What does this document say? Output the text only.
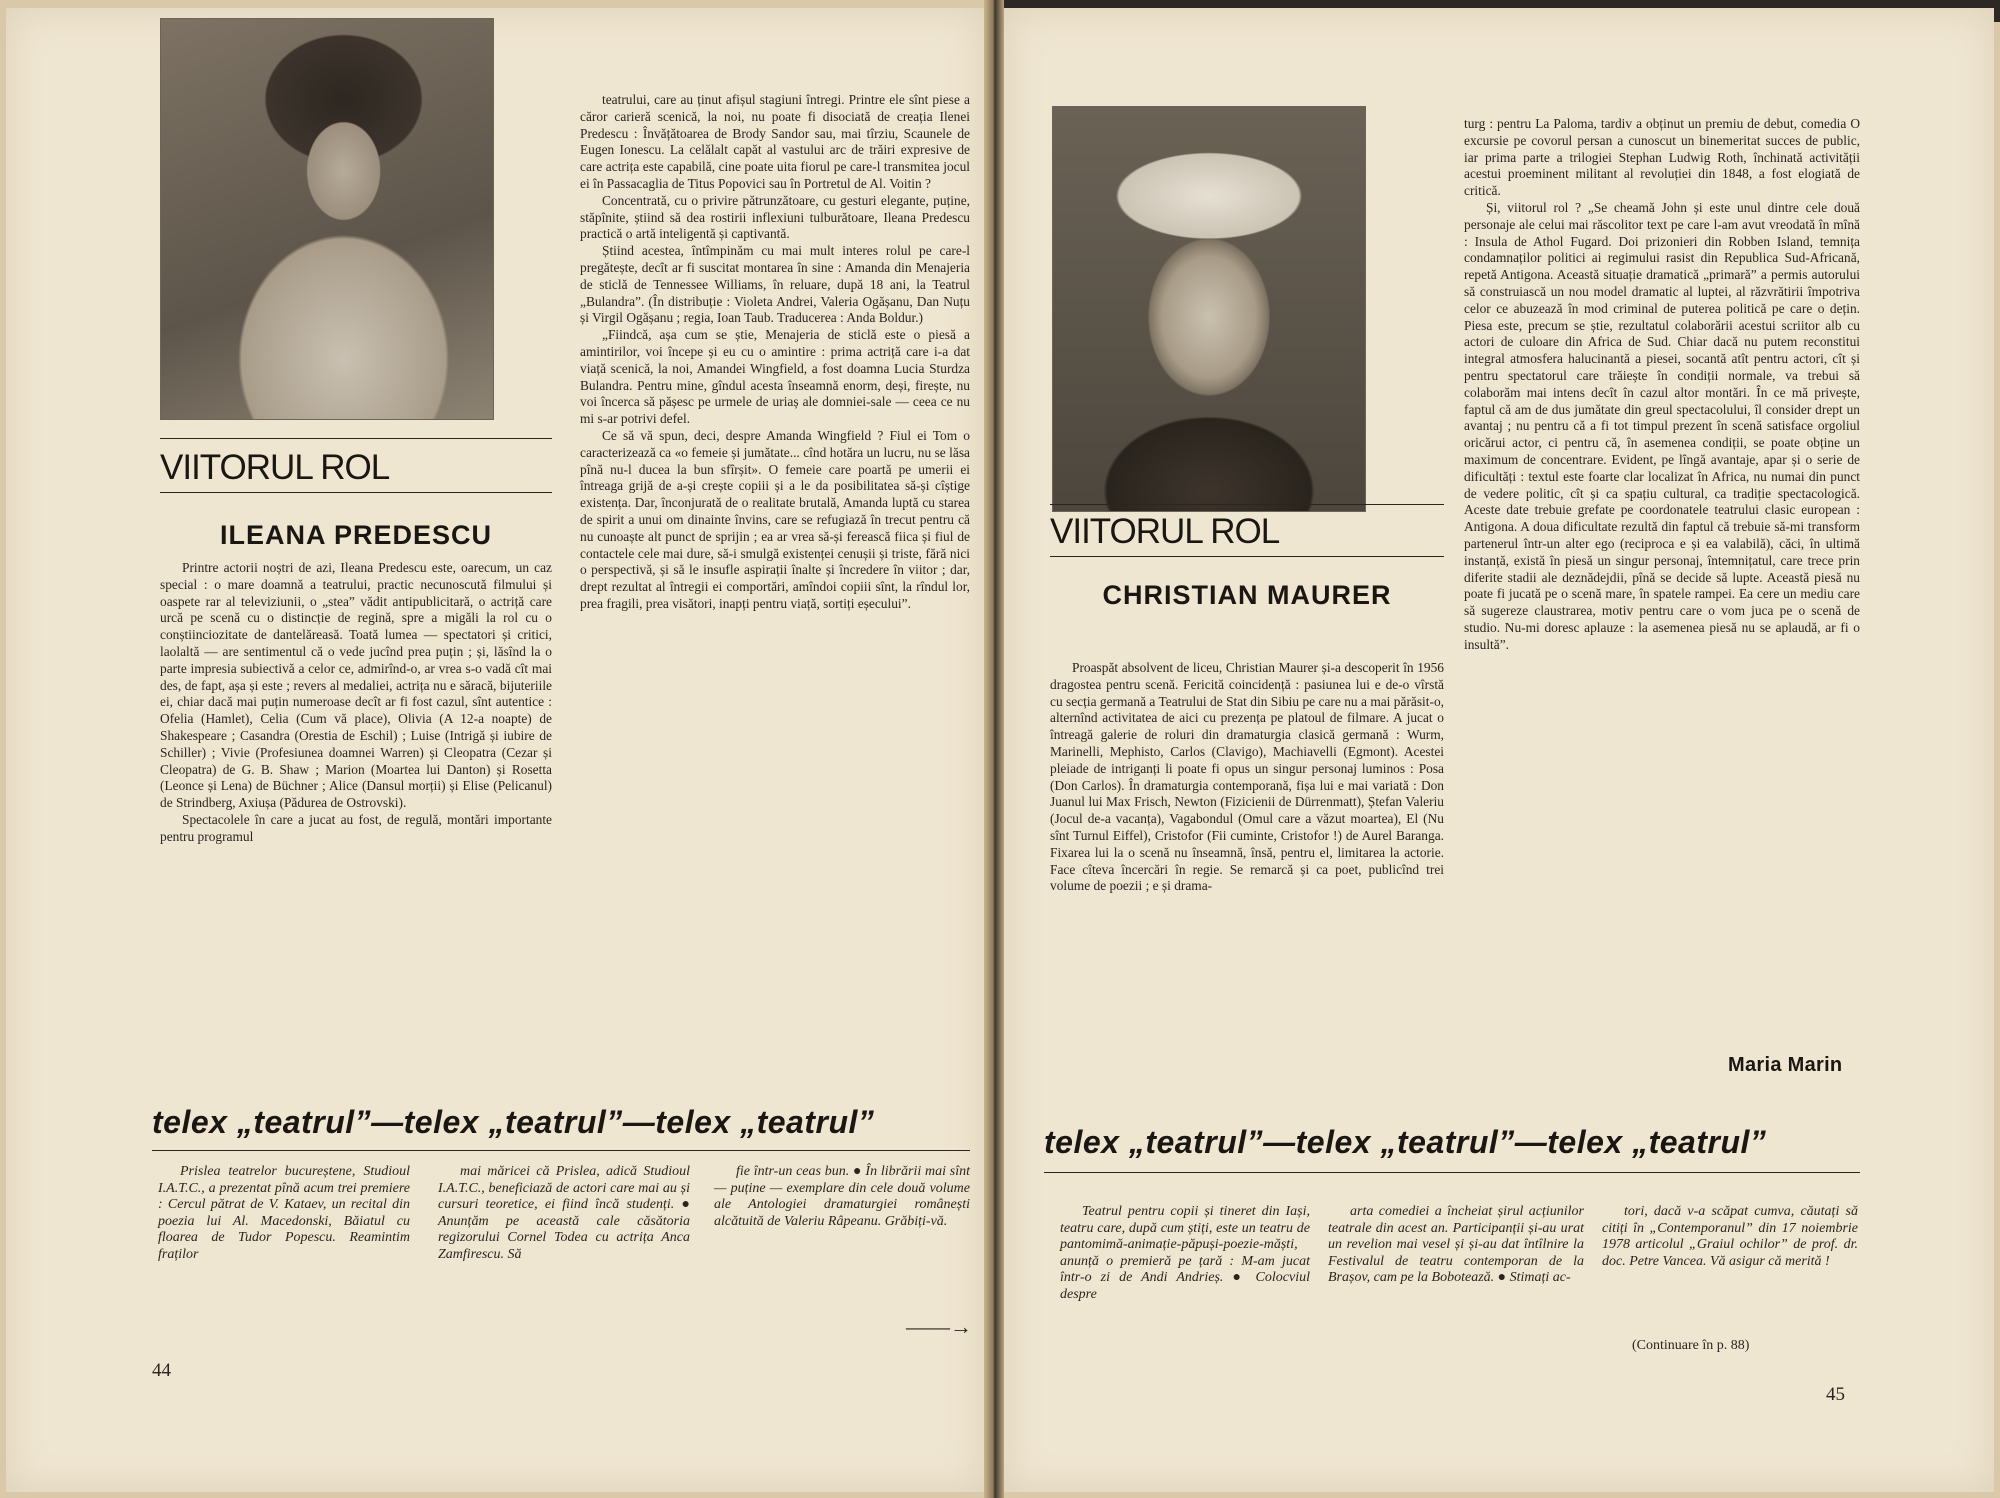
VIITORUL ROL
ILEANA PREDESCU

Printre actorii noștri de azi, Ileana Predescu este, oarecum, un caz special : o mare doamnă a teatrului, practic necunoscută filmului și oaspete rar al televiziunii, o „stea” vădit antipublicitară, o actriță care urcă pe scenă cu o distincție de regină, spre a migăli la rol cu o conștiinciozitate de dantelăreasă. Toată lumea — spectatori și critici, laolaltă — are sentimentul că o vede jucînd prea puțin ; și, lăsînd la o parte impresia subiectivă a celor ce, admirînd-o, ar vrea s-o vadă cît mai des, de fapt, așa și este ; revers al medaliei, actrița nu e săracă, bijuteriile ei, chiar dacă mai puțin numeroase decît ar fi fost cazul, sînt autentice : Ofelia (Hamlet), Celia (Cum vă place), Olivia (A 12-a noapte) de Shakespeare ; Casandra (Orestia de Eschil) ; Luise (Intrigă și iubire de Schiller) ; Vivie (Profesiunea doamnei Warren) și Cleopatra (Cezar și Cleopatra) de G. B. Shaw ; Marion (Moartea lui Danton) și Rosetta (Leonce și Lena) de Büchner ; Alice (Dansul morții) și Elise (Pelicanul) de Strindberg, Axiușa (Pădurea de Ostrovski).

Spectacolele în care a jucat au fost, de regulă, montări importante pentru programul

teatrului, care au ținut afișul stagiuni întregi. Printre ele sînt piese a căror carieră scenică, la noi, nu poate fi disociată de creația Ilenei Predescu : Învățătoarea de Brody Sandor sau, mai tîrziu, Scaunele de Eugen Ionescu. La celălalt capăt al vastului arc de trăiri expresive de care actrița este capabilă, cine poate uita fiorul pe care-l transmitea jocul ei în Passacaglia de Titus Popovici sau în Portretul de Al. Voitin ?

Concentrată, cu o privire pătrunzătoare, cu gesturi elegante, puține, stăpînite, știind să dea rostirii inflexiuni tulburătoare, Ileana Predescu practică o artă inteligentă și captivantă.

Știind acestea, întîmpinăm cu mai mult interes rolul pe care-l pregătește, decît ar fi suscitat montarea în sine : Amanda din Menajeria de sticlă de Tennessee Williams, în reluare, după 18 ani, la Teatrul „Bulandra”. (În distribuție : Violeta Andrei, Valeria Ogășanu, Dan Nuțu și Virgil Ogășanu ; regia, Ioan Taub. Traducerea : Anda Boldur.)

„Fiindcă, așa cum se știe, Menajeria de sticlă este o piesă a amintirilor, voi începe și eu cu o amintire : prima actriță care i-a dat viață scenică, la noi, Amandei Wingfield, a fost doamna Lucia Sturdza Bulandra. Pentru mine, gîndul acesta înseamnă enorm, deși, firește, nu voi încerca să pășesc pe urmele de uriaș ale domniei-sale — ceea ce nu mi s-ar potrivi defel.

Ce să vă spun, deci, despre Amanda Wingfield ? Fiul ei Tom o caracterizează ca «o femeie și jumătate... cînd hotăra un lucru, nu se lăsa pînă nu-l ducea la bun sfîrșit». O femeie care poartă pe umerii ei întreaga grijă de a-și crește copiii și a le da posibilitatea să-și cîștige existența. Dar, înconjurată de o realitate brutală, Amanda luptă cu starea de spirit a unui om dinainte învins, care se refugiază în trecut pentru că nu cunoaște alt punct de sprijin ; ea ar vrea să-și ferească fiica și fiul de contactele cele mai dure, să-i smulgă existenței cenușii și triste, fără nici o perspectivă, și să le insufle aspirații înalte și încredere în viitor ; dar, drept rezultat al întregii ei comportări, amîndoi copiii sînt, la rîndul lor, prea fragili, prea visători, inapți pentru viață, sortiți eșecului”.

telex „teatrul”—telex „teatrul”—telex „teatrul”

Prislea teatrelor bucureștene, Studioul I.A.T.C., a prezentat pînă acum trei premiere : Cercul pătrat de V. Kataev, un recital din poezia lui Al. Macedonski, Băiatul cu floarea de Tudor Popescu. Reamintim fraților

mai măricei că Prislea, adică Studioul I.A.T.C., beneficiază de actori care mai au și cursuri teoretice, ei fiind încă studenți. ● Anunțăm pe această cale căsătoria regizorului Cornel Todea cu actrița Anca Zamfirescu. Să

fie într-un ceas bun. ● În librării mai sînt — puține — exemplare din cele două volume ale Antologiei dramaturgiei românești alcătuită de Valeriu Râpeanu. Grăbiți-vă.

——→
44
VIITORUL ROL
CHRISTIAN MAURER

Proaspăt absolvent de liceu, Christian Maurer și-a descoperit în 1956 dragostea pentru scenă. Fericită coincidență : pasiunea lui e de-o vîrstă cu secția germană a Teatrului de Stat din Sibiu pe care nu a mai părăsit-o, alternînd activitatea de aici cu prezența pe platoul de filmare. A jucat o întreagă galerie de roluri din dramaturgia clasică germană : Wurm, Marinelli, Mephisto, Carlos (Clavigo), Machiavelli (Egmont). Acestei pleiade de intriganți li poate fi opus un singur personaj luminos : Posa (Don Carlos). În dramaturgia contemporană, fișa lui e mai variată : Don Juanul lui Max Frisch, Newton (Fizicienii de Dürrenmatt), Ștefan Valeriu (Jocul de-a vacanța), Vagabondul (Omul care a văzut moartea), El (Nu sînt Turnul Eiffel), Cristofor (Fii cuminte, Cristofor !) de Aurel Baranga. Fixarea lui la o scenă nu înseamnă, însă, pentru el, limitarea la actorie. Face cîteva încercări în regie. Se remarcă și ca poet, publicînd trei volume de poezii ; e și drama-

turg : pentru La Paloma, tardiv a obținut un premiu de debut, comedia O excursie pe covorul persan a cunoscut un binemeritat succes de public, iar prima parte a trilogiei Stephan Ludwig Roth, închinată activității acestui proeminent militant al revoluției din 1848, a fost elogiată de critică.

Și, viitorul rol ? „Se cheamă John și este unul dintre cele două personaje ale celui mai răscolitor text pe care l-am avut vreodată în mînă : Insula de Athol Fugard. Doi prizonieri din Robben Island, temnița condamnaților politici ai regimului rasist din Republica Sud-Africană, repetă Antigona. Această situație dramatică „primară” a permis autorului să construiască un nou model dramatic al luptei, al răzvrătirii împotriva celor ce abuzează în mod criminal de puterea politică pe care o dețin. Piesa este, precum se știe, rezultatul colaborării acestui scriitor alb cu actori de culoare din Africa de Sud. Chiar dacă nu putem reconstitui integral atmosfera halucinantă a piesei, socantă atît pentru actori, cît și pentru spectatorul care trăiește în condiții normale, va trebui să colaborăm mai intens decît în cazul altor montări. În ce mă privește, faptul că am de dus jumătate din greul spectacolului, îl consider drept un avantaj ; nu pentru că a fi tot timpul prezent în scenă satisface orgoliul oricărui actor, ci pentru că, în asemenea condiții, se poate obține un maximum de concentrare. Evident, pe lîngă avantaje, apar și o serie de dificultăți : textul este foarte clar localizat în Africa, nu numai din punct de vedere politic, cît și ca spațiu cultural, ca tradiție spectacologică. Aceste date trebuie grefate pe coordonatele teatrului clasic european : Antigona. A doua dificultate rezultă din faptul că trebuie să-mi transform partenerul într-un alter ego (reciproca e și ea valabilă), căci, în ultimă instanță, există în piesă un singur personaj, întemnițatul, care trece prin diferite stadii ale deznădejdii, pînă se decide să lupte. Această piesă nu poate fi jucată pe o scenă mare, în spatele rampei. Ea cere un mediu care să sugereze claustrarea, motiv pentru care o vom juca pe o scenă de studio. Nu-mi doresc aplauze : la asemenea piesă nu se aplaudă, ar fi o insultă”.

Maria Marin
telex „teatrul”—telex „teatrul”—telex „teatrul”

Teatrul pentru copii și tineret din Iași, teatru care, după cum știți, este un teatru de pantomimă-animație-păpuși-poezie-măști, anunță o premieră pe țară : M-am jucat într-o zi de Andi Andrieș. ● Colocviul despre

arta comediei a încheiat șirul acțiunilor teatrale din acest an. Participanții și-au urat un revelion mai vesel și și-au dat întîlnire la Festivalul de teatru contemporan de la Brașov, cam pe la Bobotează. ● Stimați ac-

tori, dacă v-a scăpat cumva, căutați să citiți în „Contemporanul” din 17 noiembrie 1978 articolul „Graiul ochilor” de prof. dr. doc. Petre Vancea. Vă asigur că merită !

(Continuare în p. 88)
45
